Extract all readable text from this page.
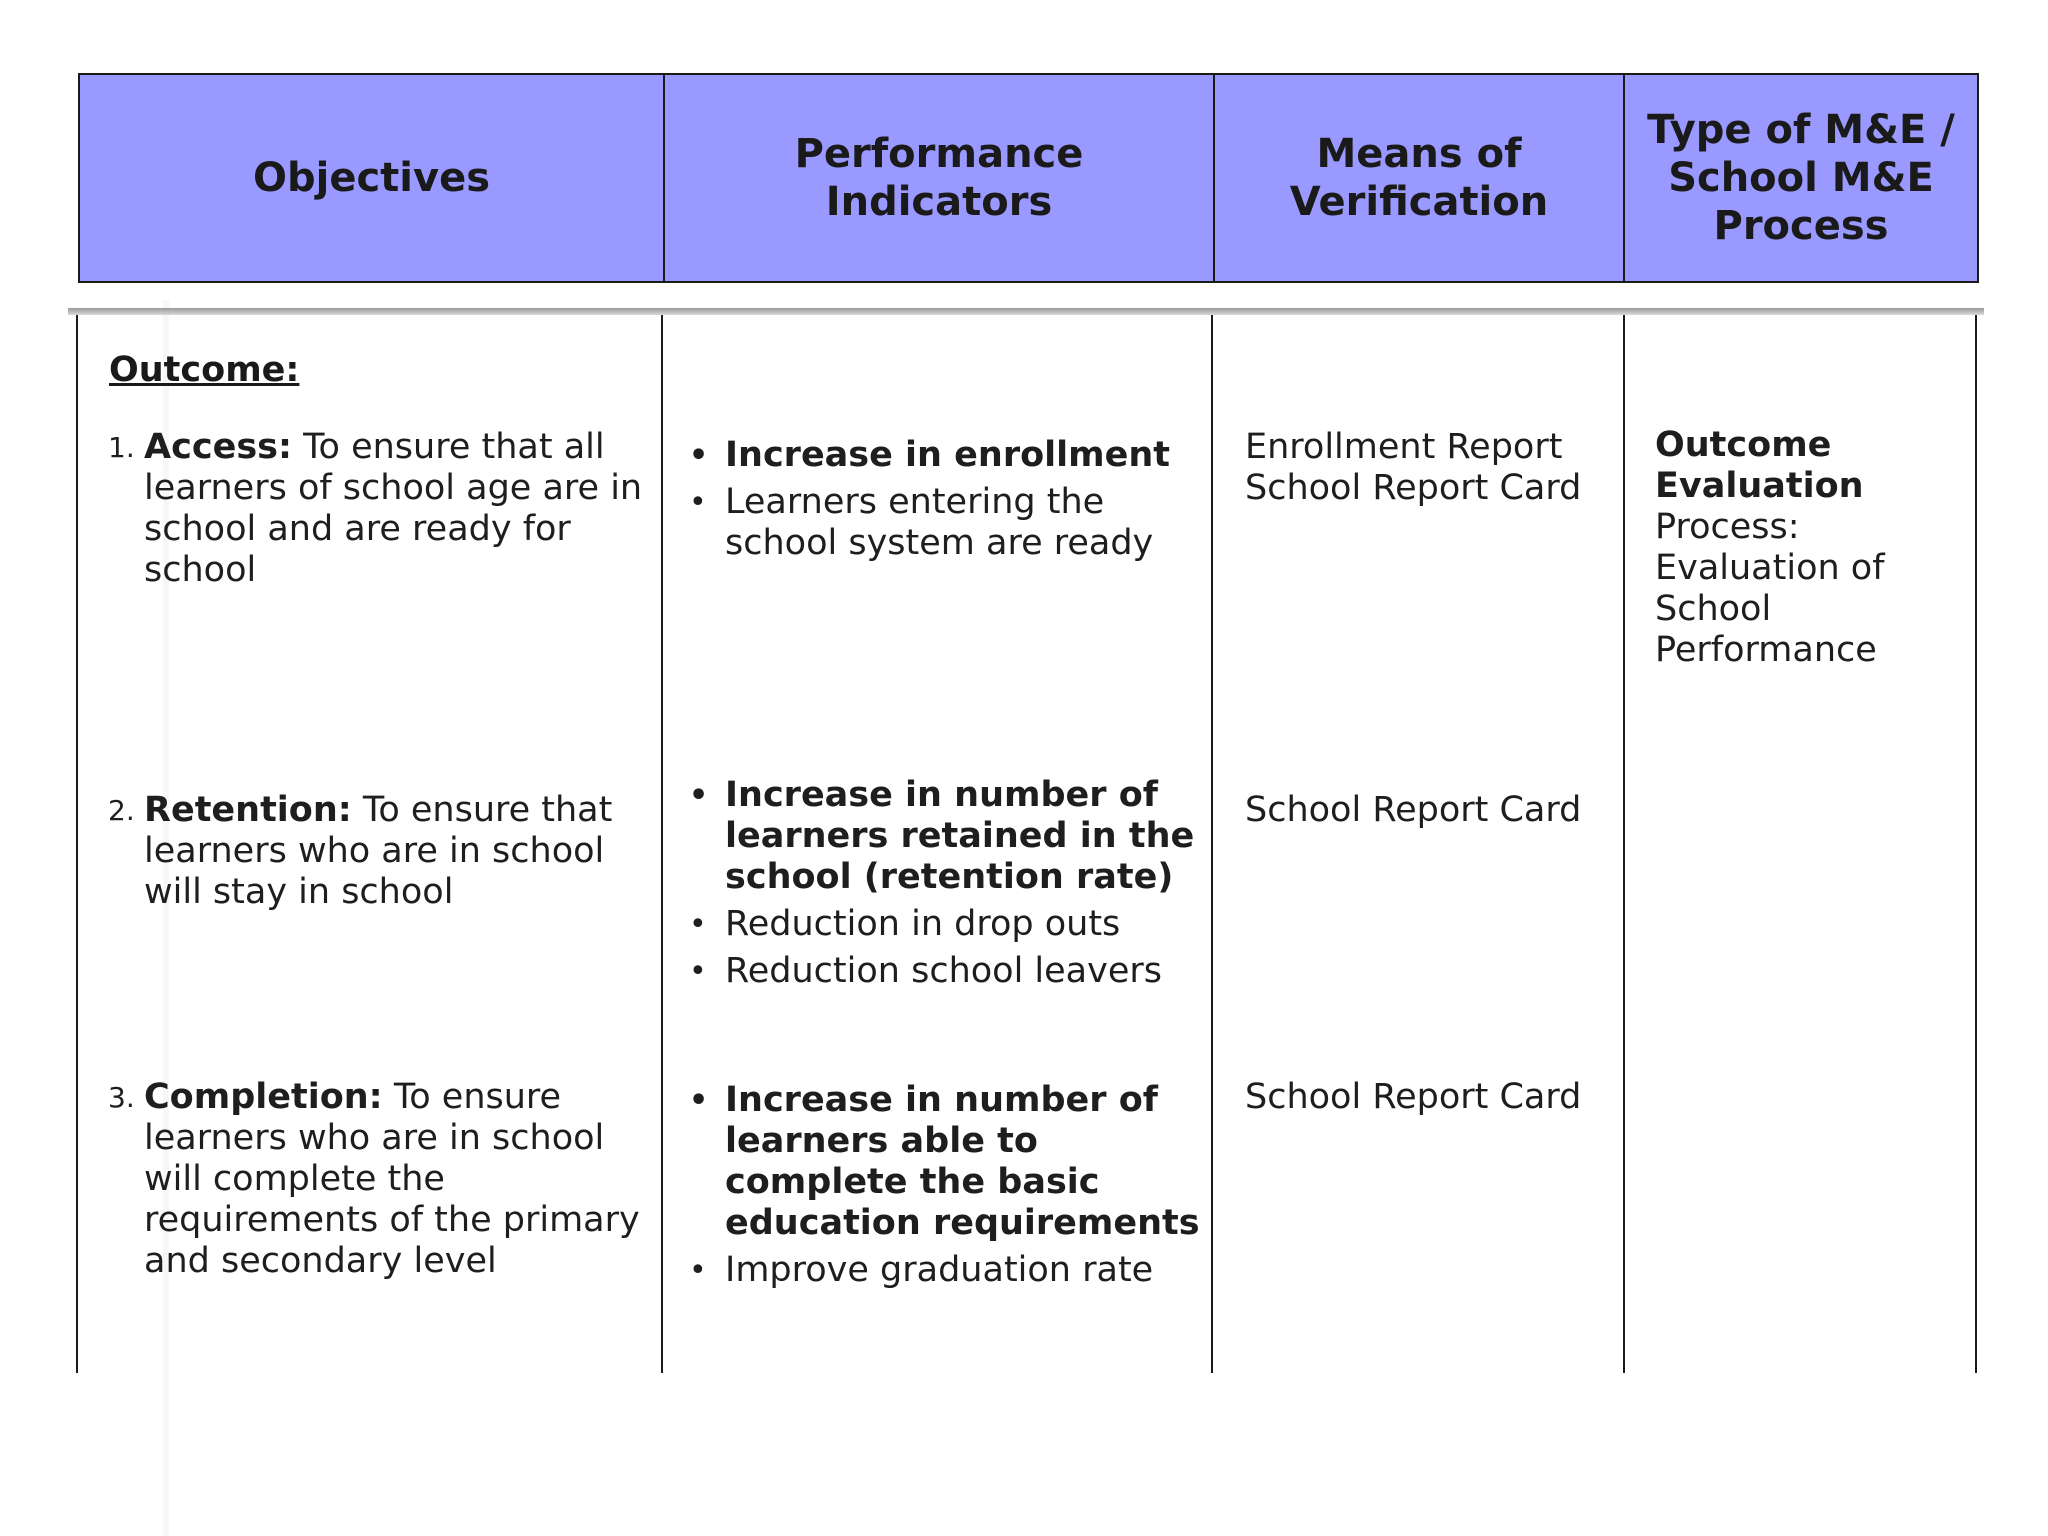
Objectives
Performance Indicators
Means of
Verification
Type of M&E /
School M&E
Process
Outcome:
1. Access: To ensure that all learners of school age are in school and are ready for school
2. Retention: To ensure that learners who are in school will stay in school
3. Completion: To ensure learners who are in school will complete the requirements of the primary and secondary level
• Increase in enrollment
• Learners entering the school system are ready
• Increase in number of learners retained in the school (retention rate)
• Reduction in drop outs
• Reduction school leavers
• Increase in number of learners able to complete the basic education requirements
• Improve graduation rate
Enrollment Report
School Report Card
School Report Card
School Report Card
Outcome Evaluation
Process: Evaluation of School Performance
